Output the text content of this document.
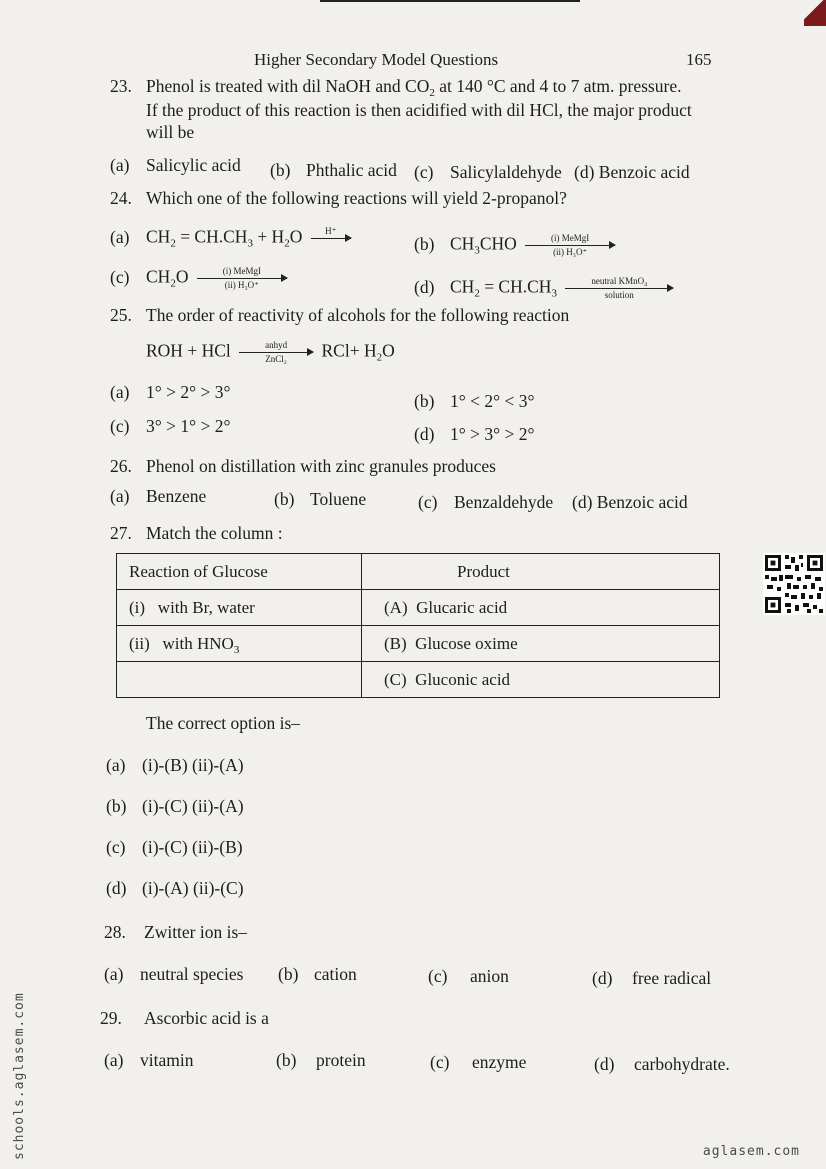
Higher Secondary Model Questions	165
23. Phenol is treated with dil NaOH and $CO_2$ at 140 °C and 4 to 7 atm. pressure.
If the product of this reaction is then acidified with dil HCl, the major product
will be
(a) Salicylic acid (b) Phthalic acid (c) Salicylaldehyde (d) Benzoic acid
24. Which one of the following reactions will yield 2-propanol?
(a) $CH_2 = CH.CH_3 + H_2O$	H⁺

(b) $CH_3CHO$	(i) MeMgI
(ii) H₃O⁺
(c) $CH_2O$	(i) MeMgI
(ii) H₃O⁺	(d) $CH_2 = CH.CH_3$
neutral KMnO₄
solution
25. The order of reactivity of alcohols for the following reaction
ROH + HCl	anhyd
ZnCl₂	$RCl+ H_2O$
(a) 1° > 2° > 3°	(b) 1° < 2° < 3°
(c) 3° > 1° > 2°	(d) 1° > 3° > 2°
26. Phenol on distillation with zinc granules produces
(a) Benzene	(b) Toluene	(c) Benzaldehyde (d) Benzoic acid
27. Match the column :
Reaction of Glucose	Product
(i)   with Br, water	(A)  Glucaric acid
(ii)   with $HNO_3$	(B)  Glucose oxime
	(C)  Gluconic acid
The correct option is–
(a) (i)-(B) (ii)-(A)
(b) (i)-(C) (ii)-(A)
(c) (i)-(C) (ii)-(B)
(d) (i)-(A) (ii)-(C)
28. Zwitter ion is–
(a) neutral species (b) cation	(c) anion	(d) free radical
29. Ascorbic acid is a
(a) vitamin	(b) protein	(c) enzyme	(d) carbohydrate.
schools.aglasem.com	aglasem.com
